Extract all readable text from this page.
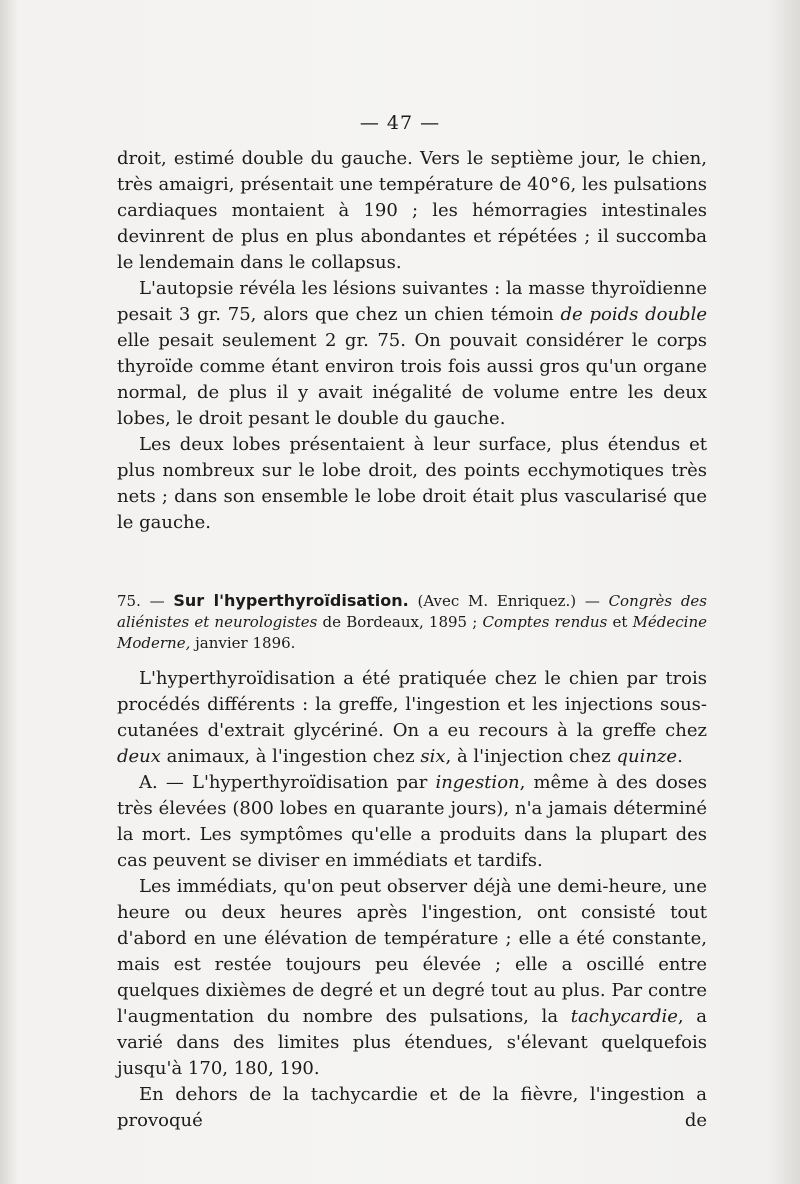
— 47 —

droit, estimé double du gauche. Vers le septième jour, le chien, très amaigri, présentait une température de 40°6, les pulsations cardiaques montaient à 190 ; les hémorragies intestinales devinrent de plus en plus abondantes et répétées ; il succomba le lendemain dans le collapsus.

L'autopsie révéla les lésions suivantes : la masse thyroïdienne pesait 3 gr. 75, alors que chez un chien témoin de poids double elle pesait seulement 2 gr. 75. On pouvait considérer le corps thyroïde comme étant environ trois fois aussi gros qu'un organe normal, de plus il y avait inégalité de volume entre les deux lobes, le droit pesant le double du gauche.

Les deux lobes présentaient à leur surface, plus étendus et plus nombreux sur le lobe droit, des points ecchymotiques très nets ; dans son ensemble le lobe droit était plus vascularisé que le gauche.

75. — Sur l'hyperthyroïdisation. (Avec M. Enriquez.) — Congrès des aliénistes et neurologistes de Bordeaux, 1895 ; Comptes rendus et Médecine Moderne, janvier 1896.

L'hyperthyroïdisation a été pratiquée chez le chien par trois procédés différents : la greffe, l'ingestion et les injections sous-cutanées d'extrait glycériné. On a eu recours à la greffe chez deux animaux, à l'ingestion chez six, à l'injection chez quinze.

A. — L'hyperthyroïdisation par ingestion, même à des doses très élevées (800 lobes en quarante jours), n'a jamais déterminé la mort. Les symptômes qu'elle a produits dans la plupart des cas peuvent se diviser en immédiats et tardifs.

Les immédiats, qu'on peut observer déjà une demi-heure, une heure ou deux heures après l'ingestion, ont consisté tout d'abord en une élévation de température ; elle a été constante, mais est restée toujours peu élevée ; elle a oscillé entre quelques dixièmes de degré et un degré tout au plus. Par contre l'augmentation du nombre des pulsations, la tachycardie, a varié dans des limites plus étendues, s'élevant quelquefois jusqu'à 170, 180, 190.

En dehors de la tachycardie et de la fièvre, l'ingestion a provoqué de
